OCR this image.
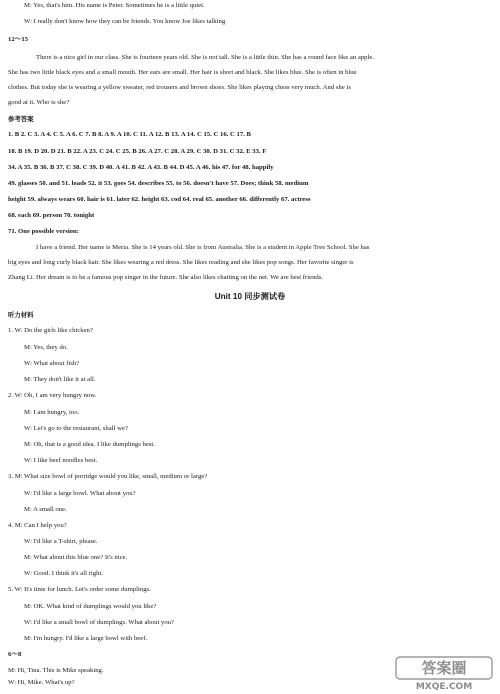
M: Yes, that's him. His name is Peter. Sometimes he is a little quiet.
W: I really don't know how they can be friends. You know Joe likes talking.
12～15
There is a nice girl in our class. She is fourteen years old. She is not tall. She is a little thin. She has a round face like an apple.
She has two little black eyes and a small mouth. Her ears are small. Her hair is short and black. She likes blue. She is often in blue
clothes. But today she is wearing a yellow sweater, red trousers and brown shoes. She likes playing chess very much. And she is
good at it. Who is she?
参考答案
1. B 2. C 3. A 4. C 5. A 6. C 7. B 8. A 9. A 10. C 11. A 12. B 13. A 14. C 15. C 16. C 17. B
18. B 19. D 20. D 21. B 22. A 23. C 24. C 25. B 26. A 27. C 28. A 29. C 30. D 31. C 32. E 33. F
34. A 35. B 36. B 37. C 38. C 39. D 40. A 41. B 42. A 43. B 44. D 45. A 46. his 47. for 48. happily
49. glasses 50. and 51. loads 52. it 53. goes 54. describes 55. to 56. doesn't have 57. Does; think 58. medium
height 59. always wears 60. hair is 61. later 62. height 63. cod 64. real 65. another 66. differently 67. actress
68. each 69. person 70. tonight
71. One possible version:
I have a friend. Her name is Meria. She is 14 years old. She is from Australia. She is a student in Apple Tree School. She has
big eyes and long curly black hair. She likes wearing a red dress. She likes reading and she likes pop songs. Her favorite singer is
Zhang Li. Her dream is to be a famous pop singer in the future. She also likes chatting on the net. We are best friends.
Unit 10 同步测试卷
听力材料
1. W: Do the girls like chicken?
M: Yes, they do.
W: What about fish?
M: They don't like it at all.
2. W: Oh, I am very hungry now.
M: I am hungry, too.
W: Let's go to the restaurant, shall we?
M: Oh, that is a good idea. I like dumplings best.
W: I like beef noodles best.
3. M: What size bowl of porridge would you like, small, medium or large?
W: I'd like a large bowl. What about you?
M: A small one.
4. M: Can I help you?
W: I'd like a T-shirt, please.
M: What about this blue one? It's nice.
W: Good. I think it's all right.
5. W: It's time for lunch. Let's order some dumplings.
M: OK. What kind of dumplings would you like?
W: I'd like a small bowl of dumplings. What about you?
M: I'm hungry. I'd like a large bowl with beef.
6～8
M: Hi, Tina. This is Mike speaking.
W: Hi, Mike. What's up?
答案圈
MXQE.COM
